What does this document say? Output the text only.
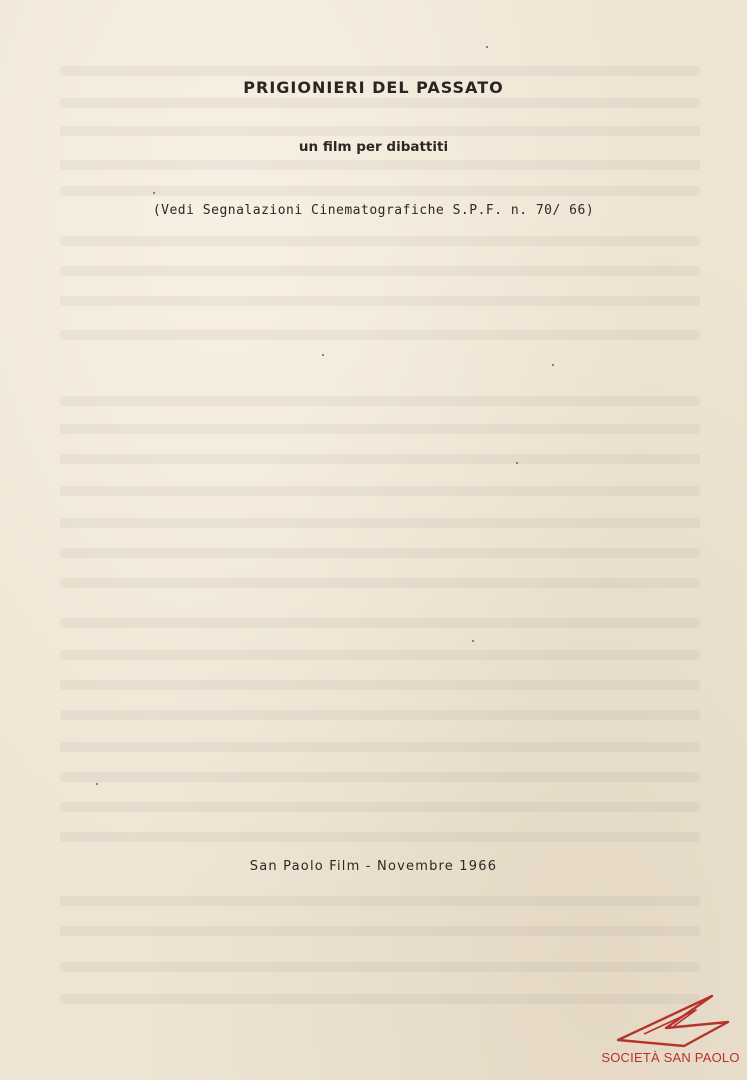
PRIGIONIERI DEL PASSATO
un film per dibattiti
(Vedi Segnalazioni Cinematografiche S.P.F. n. 70/ 66)
San Paolo Film - Novembre 1966
SOCIETÀ SAN PAOLO
